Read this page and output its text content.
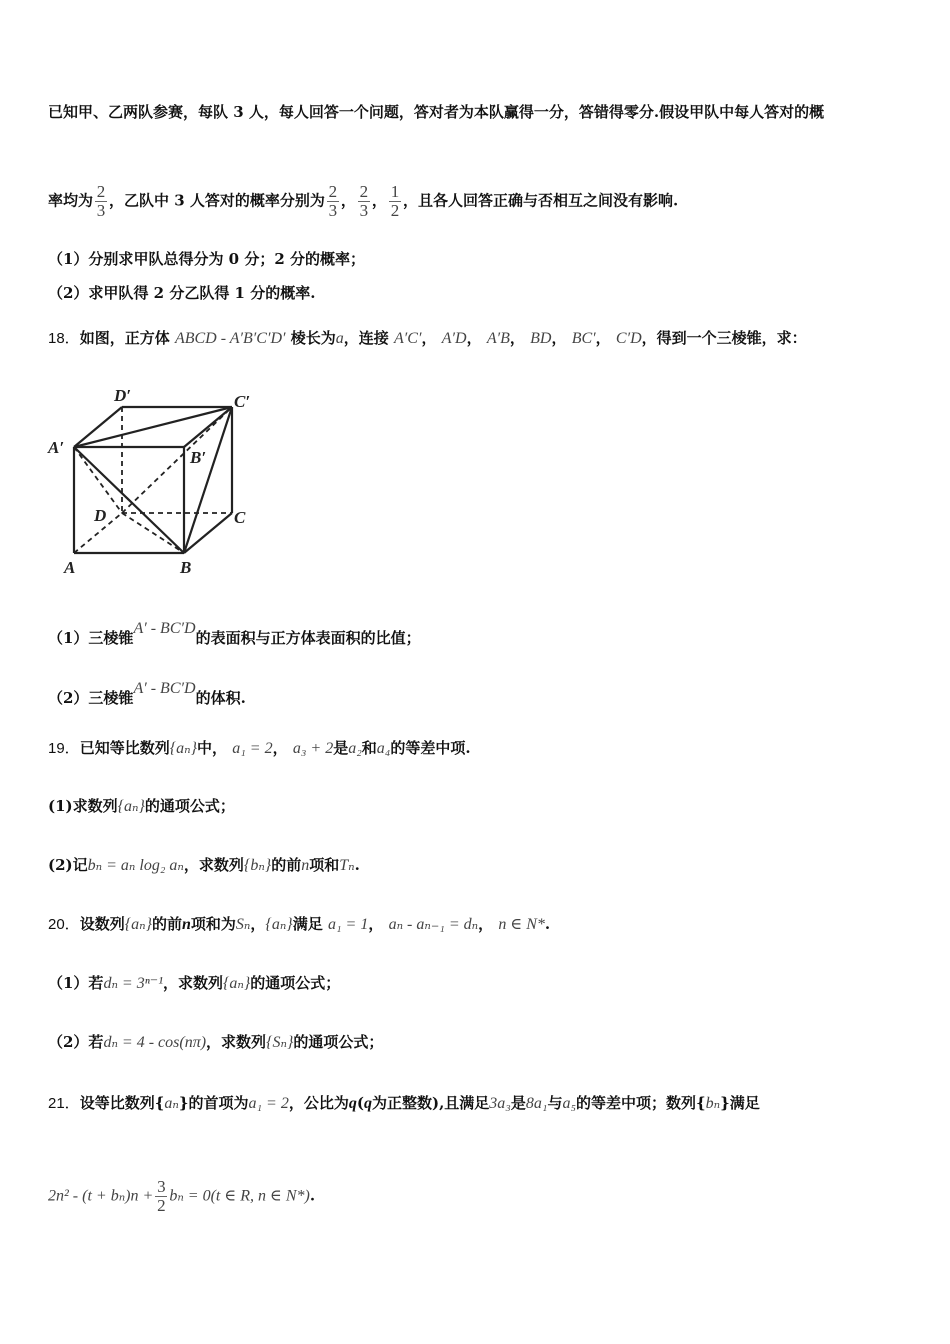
已知甲、乙两队参赛，每队 3 人，每人回答一个问题，答对者为本队赢得一分，答错得零分.假设甲队中每人答对的概
率均为 $\frac{2}{3}$ ，乙队中 3 人答对的概率分别为 $\frac{2}{3}$ ， $\frac{2}{3}$ ， $\frac{1}{2}$ ，且各人回答正确与否相互之间没有影响.
（1）分别求甲队总得分为 0 分；2 分的概率；
（2）求甲队得 2 分乙队得 1 分的概率.
18．如图，正方体 ABCD - A′B′C′D′ 棱长为a，连接 A′C′， A′D， A′B， BD， BC′， C′D，得到一个三棱锥，求：
D′	C′
A′
B′
D	C
A	B
（1）三棱锥A′ - BC′D的表面积与正方体表面积的比值；
（2）三棱锥A′ - BC′D的体积.
19．已知等比数列{aₙ}中， a₁ = 2， a₃ + 2是a₂和a₄的等差中项.
(1)求数列{aₙ}的通项公式；
(2)记bₙ = aₙ log₂ aₙ，求数列{bₙ}的前n项和Tₙ.
20．设数列{aₙ}的前n项和为Sₙ，{aₙ}满足 a₁ = 1， aₙ - aₙ₋₁ = dₙ， n ∈ N*.
（1）若dₙ = 3ⁿ⁻¹，求数列{aₙ}的通项公式；
（2）若dₙ = 4 - cos(nπ)，求数列{Sₙ}的通项公式；
21．设等比数列{aₙ}的首项为a₁ = 2，公比为q(q为正整数),且满足3a₃是8a₁与a₅的等差中项；数列{bₙ}满足
$2n^2 - (t + b_n)n + \frac{3}{2}$ bₙ = 0(t ∈ R, n ∈ N*).
